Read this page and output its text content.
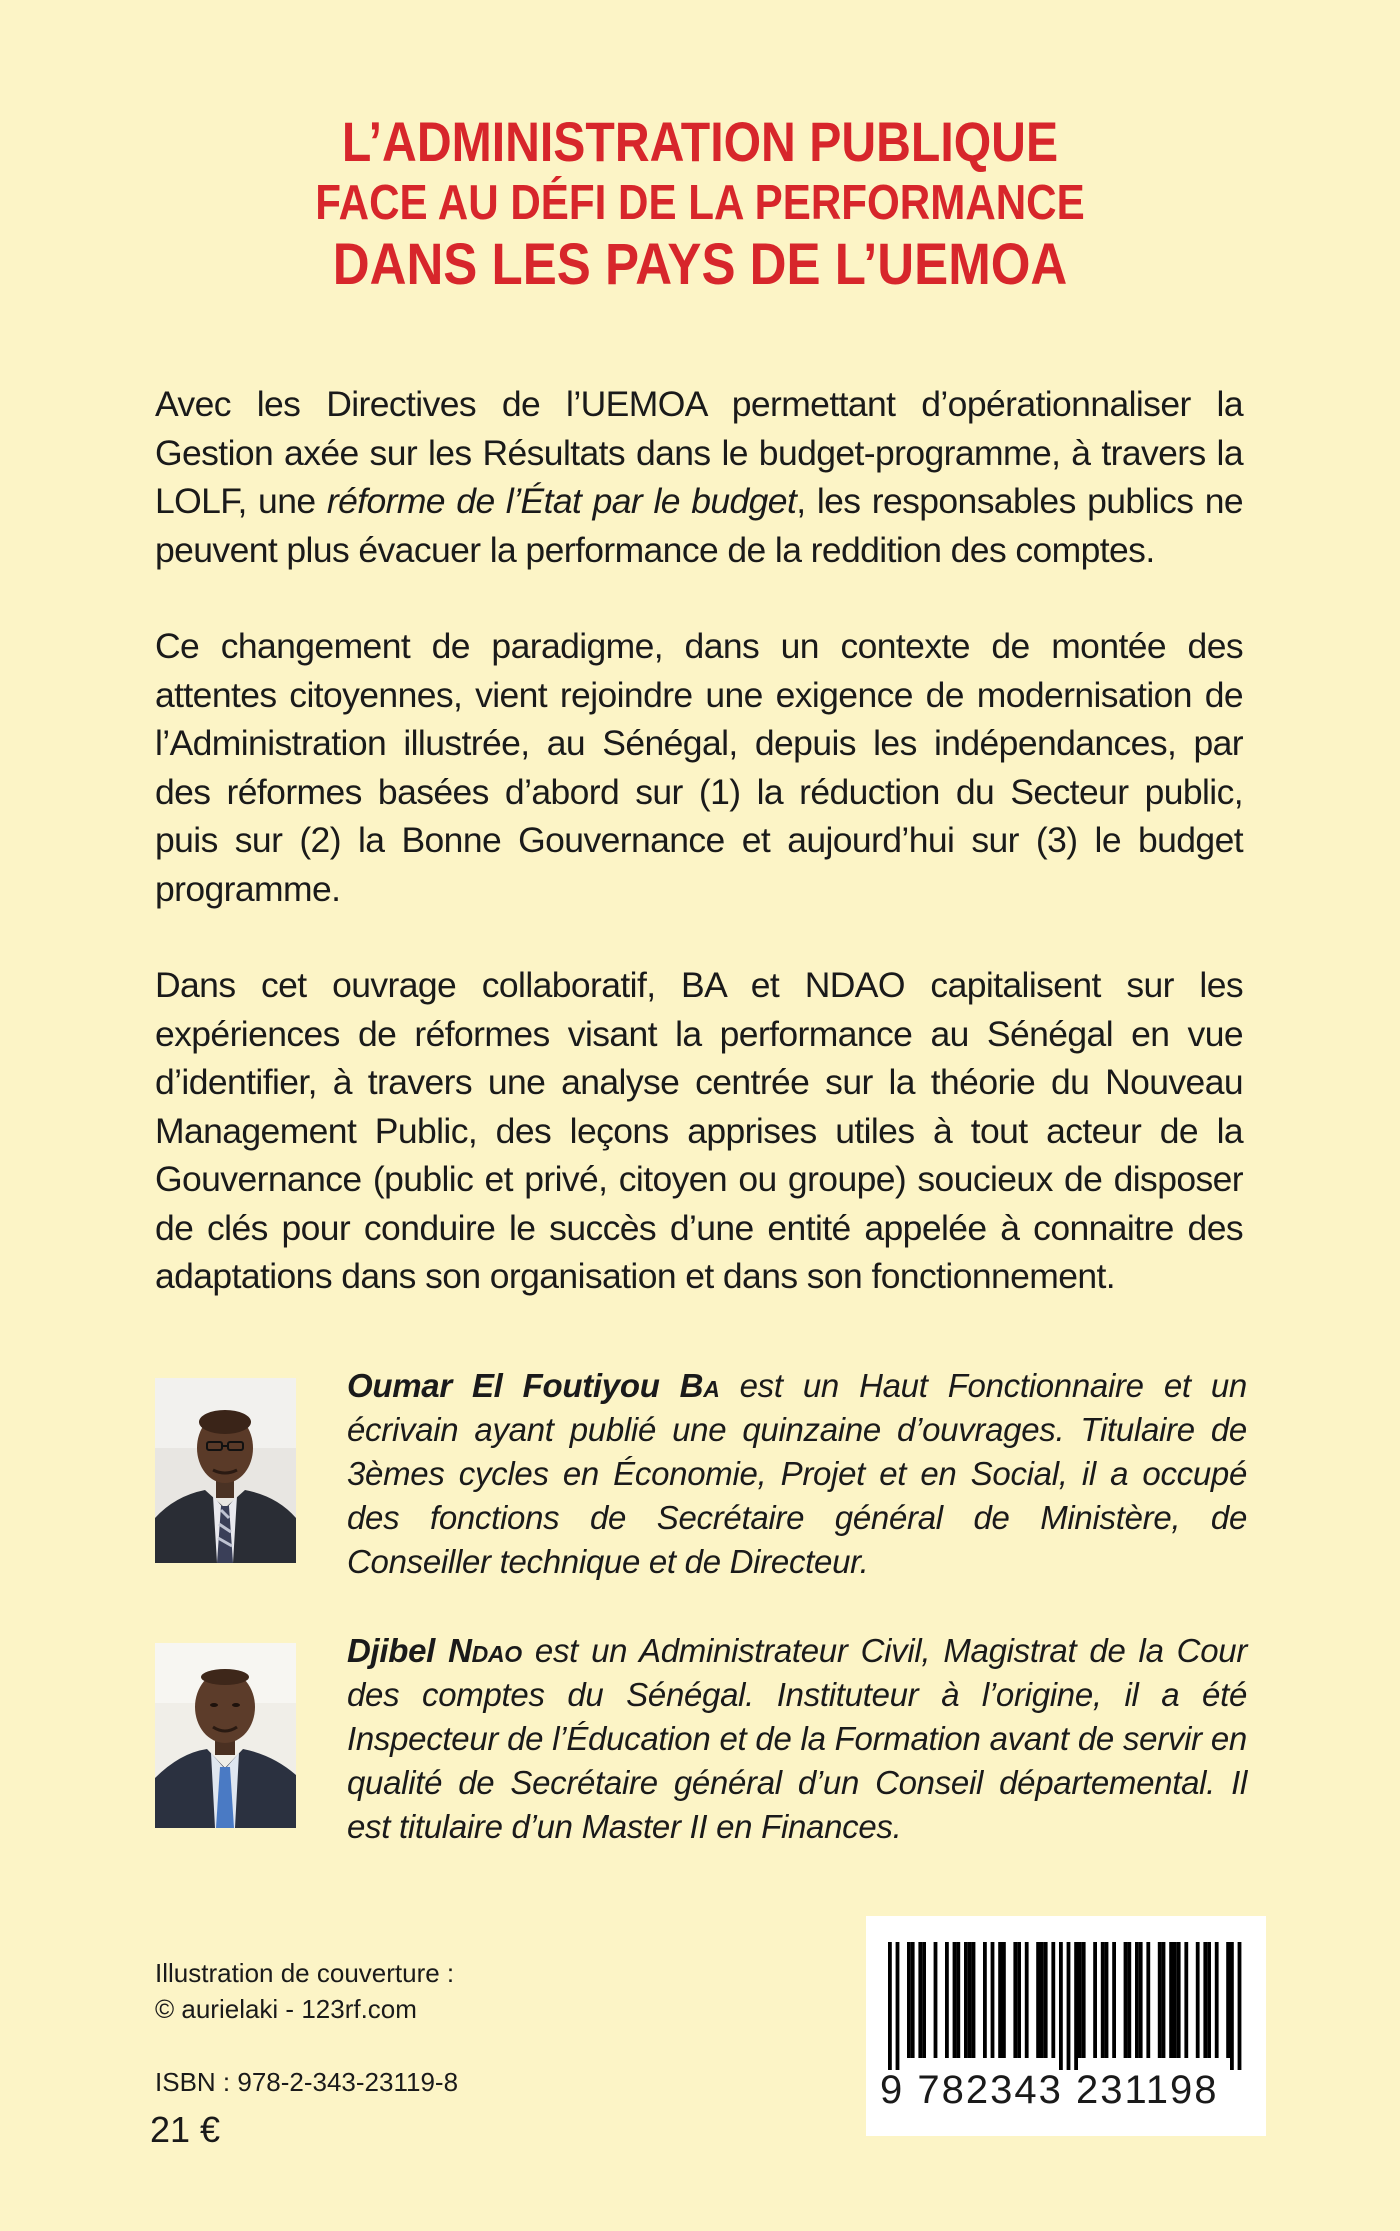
L’ADMINISTRATION PUBLIQUE
FACE AU DÉFI DE LA PERFORMANCE
DANS LES PAYS DE L’UEMOA

Avec les Directives de l’UEMOA permettant d’opérationnaliser la Gestion axée sur les Résultats dans le budget-programme, à travers la LOLF, une réforme de l’État par le budget, les responsables publics ne peuvent plus évacuer la performance de la reddition des comptes.

Ce changement de paradigme, dans un contexte de montée des attentes citoyennes, vient rejoindre une exigence de modernisation de l’Administration illustrée, au Sénégal, depuis les indépendances, par des réformes basées d’abord sur (1) la réduction du Secteur public, puis sur (2) la Bonne Gouvernance et aujourd’hui sur (3) le budget programme.

Dans cet ouvrage collaboratif, BA et NDAO capitalisent sur les expériences de réformes visant la performance au Sénégal en vue d’identifier, à travers une analyse centrée sur la théorie du Nouveau Management Public, des leçons apprises utiles à tout acteur de la Gouvernance (public et privé, citoyen ou groupe) soucieux de disposer de clés pour conduire le succès d’une entité appelée à connaitre des adaptations dans son organisation et dans son fonctionnement.

Oumar El Foutiyou Ba est un Haut Fonctionnaire et un écrivain ayant publié une quinzaine d’ouvrages. Titulaire de 3èmes cycles en Économie, Projet et en Social, il a occupé des fonctions de Secrétaire général de Ministère, de Conseiller technique et de Directeur.
Djibel Ndao est un Administrateur Civil, Magistrat de la Cour des comptes du Sénégal. Instituteur à l’origine, il a été Inspecteur de l’Éducation et de la Formation avant de servir en qualité de Secrétaire général d’un Conseil départemental. Il est titulaire d’un Master II en Finances.
Illustration de couverture :
© aurielaki - 123rf.com
ISBN : 978-2-343-23119-8
21 €
9 782343 231198
